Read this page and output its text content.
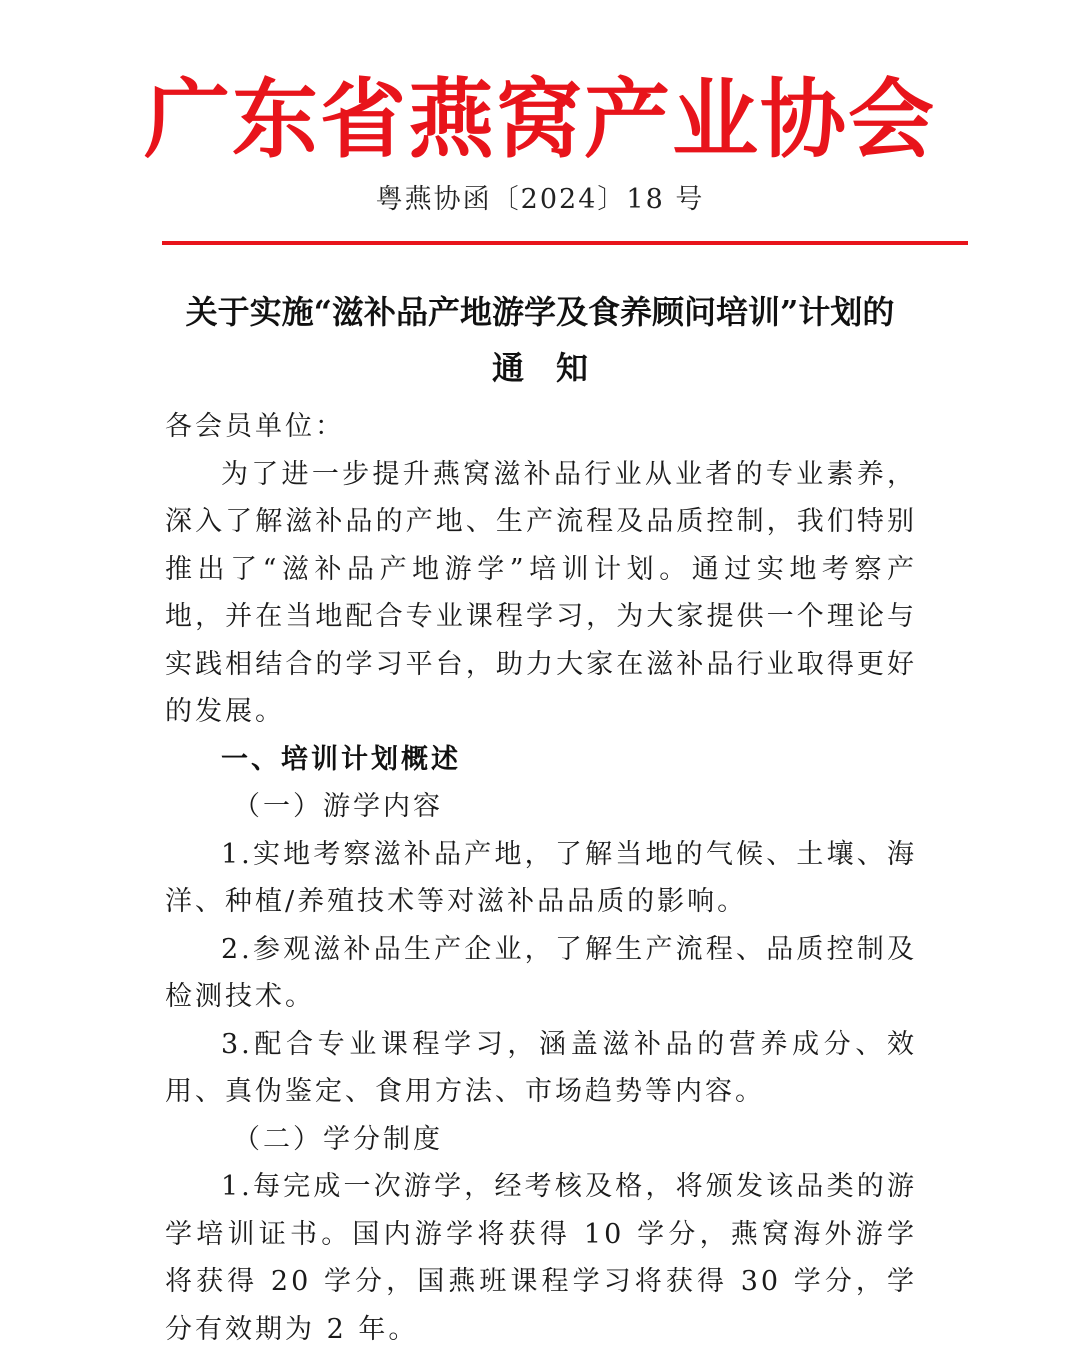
广东省燕窝产业协会
粤燕协函〔2024〕18 号
关于实施“滋补品产地游学及食养顾问培训”计划的
通　知

各会员单位：

为了进一步提升燕窝滋补品行业从业者的专业素养，深入了解滋补品的产地、生产流程及品质控制，我们特别推出了“滋补品产地游学”培训计划。通过实地考察产地，并在当地配合专业课程学习，为大家提供一个理论与实践相结合的学习平台，助力大家在滋补品行业取得更好的发展。

一、培训计划概述

（一）游学内容

1.实地考察滋补品产地，了解当地的气候、土壤、海洋、种植/养殖技术等对滋补品品质的影响。

2.参观滋补品生产企业，了解生产流程、品质控制及检测技术。

3.配合专业课程学习，涵盖滋补品的营养成分、效用、真伪鉴定、食用方法、市场趋势等内容。

（二）学分制度

1.每完成一次游学，经考核及格，将颁发该品类的游学培训证书。国内游学将获得 10 学分，燕窝海外游学将获得 20 学分，国燕班课程学习将获得 30 学分，学分有效期为 2 年。
